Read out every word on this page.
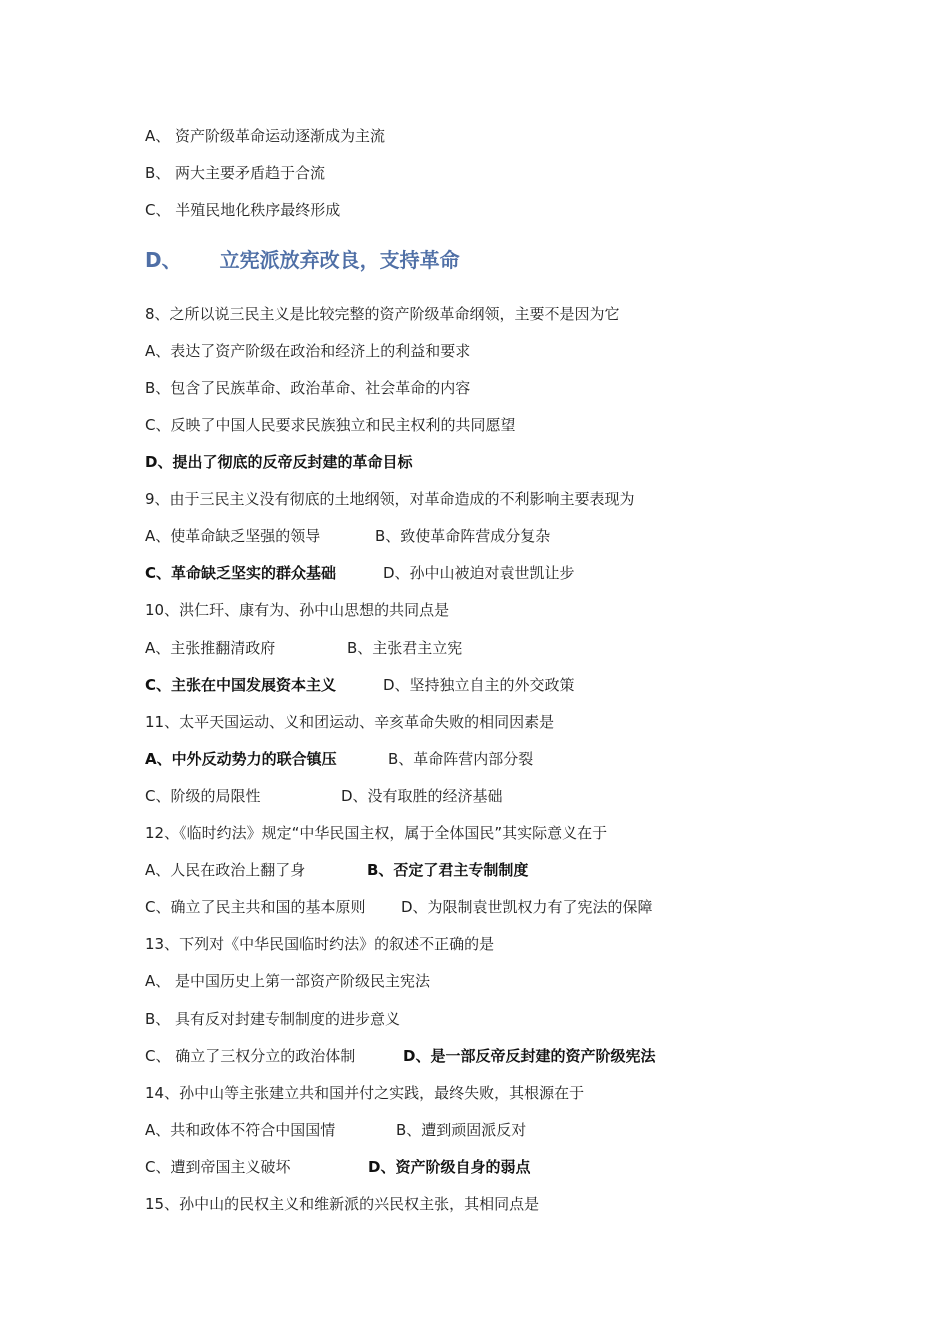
A、 资产阶级革命运动逐渐成为主流
B、 两大主要矛盾趋于合流
C、 半殖民地化秩序最终形成
D、 立宪派放弃改良，支持革命
8、之所以说三民主义是比较完整的资产阶级革命纲领，主要不是因为它
A、表达了资产阶级在政治和经济上的利益和要求
B、包含了民族革命、政治革命、社会革命的内容
C、反映了中国人民要求民族独立和民主权利的共同愿望
D、提出了彻底的反帝反封建的革命目标
9、由于三民主义没有彻底的土地纲领，对革命造成的不利影响主要表现为
A、使革命缺乏坚强的领导	B、致使革命阵营成分复杂
C、革命缺乏坚实的群众基础	D、孙中山被迫对袁世凯让步
10、洪仁玕、康有为、孙中山思想的共同点是
A、主张推翻清政府	B、主张君主立宪
C、主张在中国发展资本主义	D、坚持独立自主的外交政策
11、太平天国运动、义和团运动、辛亥革命失败的相同因素是
A、中外反动势力的联合镇压	B、革命阵营内部分裂
C、阶级的局限性	D、没有取胜的经济基础
12、《临时约法》规定“中华民国主权，属于全体国民”其实际意义在于
A、人民在政治上翻了身	B、否定了君主专制制度
C、确立了民主共和国的基本原则 D、为限制袁世凯权力有了宪法的保障
13、下列对《中华民国临时约法》的叙述不正确的是
A、 是中国历史上第一部资产阶级民主宪法
B、 具有反对封建专制制度的进步意义
C、 确立了三权分立的政治体制	D、是一部反帝反封建的资产阶级宪法
14、孙中山等主张建立共和国并付之实践，最终失败，其根源在于
A、共和政体不符合中国国情	B、遭到顽固派反对
C、遭到帝国主义破坏	D、资产阶级自身的弱点
15、孙中山的民权主义和维新派的兴民权主张，其相同点是
